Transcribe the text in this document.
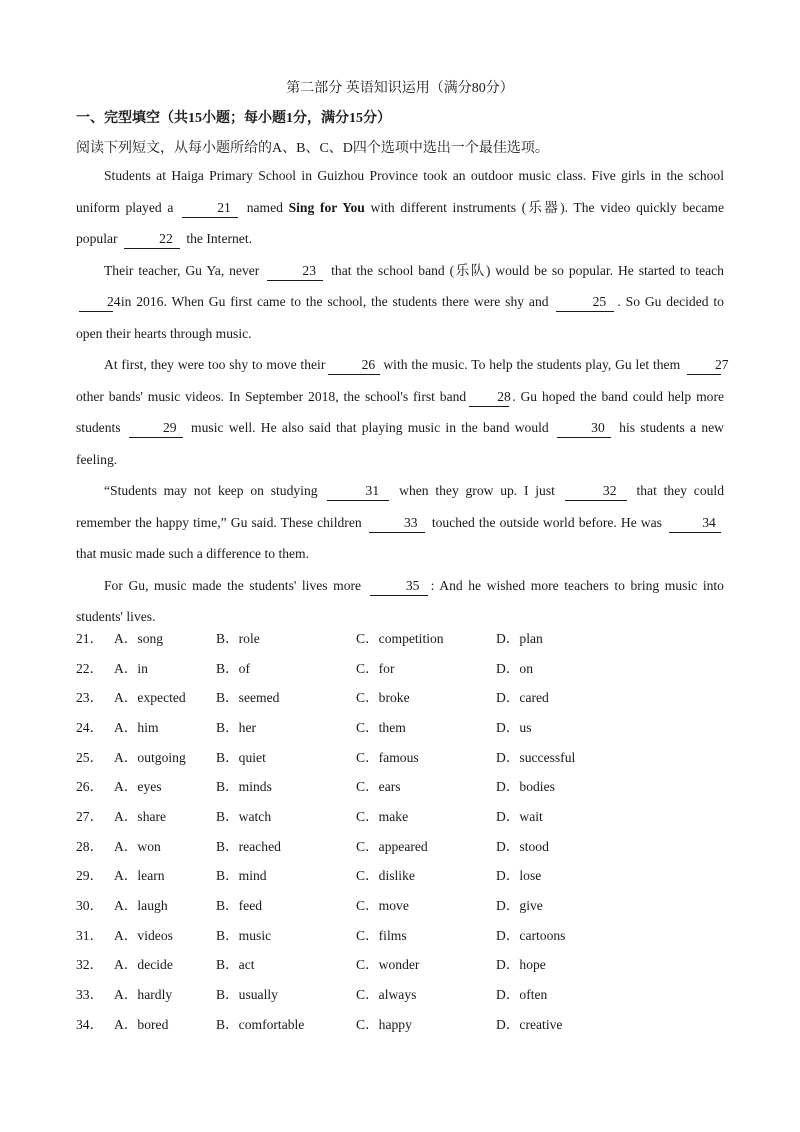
第二部分 英语知识运用（满分80分）
一、完型填空（共15小题；每小题1分，满分15分）
阅读下列短文，从每小题所给的A、B、C、D四个选项中选出一个最佳选项。

Students at Haiga Primary School in Guizhou Province took an outdoor music class. Five girls in the school uniform played a	21 named Sing for You with different instruments (乐器). The video quickly became popular	22 the Internet.

Their teacher, Gu Ya, never	23 that the school band (乐队) would be so popular. He started to teach 24 in 2016. When Gu first came to the school, the students there were shy and	25 . So Gu decided to open their hearts through music.

At first, they were too shy to move their	26 with the music. To help the students play, Gu let them	27 other bands' music videos. In September 2018, the school's first band 28. Gu hoped the band could help more students	29 music well. He also said that playing music in the band would	30 his students a new feeling.

“Students may not keep on studying	31 when they grow up. I just	32 that they could remember the happy time,” Gu said. These children	33 touched the outside world before. He was	34 that music made such a difference to them.

For Gu, music made the students' lives more	35 : And he wished more teachers to bring music into students' lives.

21． A．song	B．role	C．competition	D．plan
22． A．in	B．of	C．for	D．on
23． A．expected	B．seemed	C．broke	D．cared
24． A．him	B．her	C．them	D．us
25． A．outgoing	B．quiet	C．famous	D．successful
26． A．eyes	B．minds	C．ears	D．bodies
27． A．share	B．watch	C．make	D．wait
28． A．won	B．reached	C．appeared	D．stood
29． A．learn	B．mind	C．dislike	D．lose
30． A．laugh	B．feed	C．move	D．give
31． A．videos	B．music	C．films	D．cartoons
32． A．decide	B．act	C．wonder	D．hope
33． A．hardly	B．usually	C．always	D．often
34． A．bored	B．comfortable	C．happy	D．creative
